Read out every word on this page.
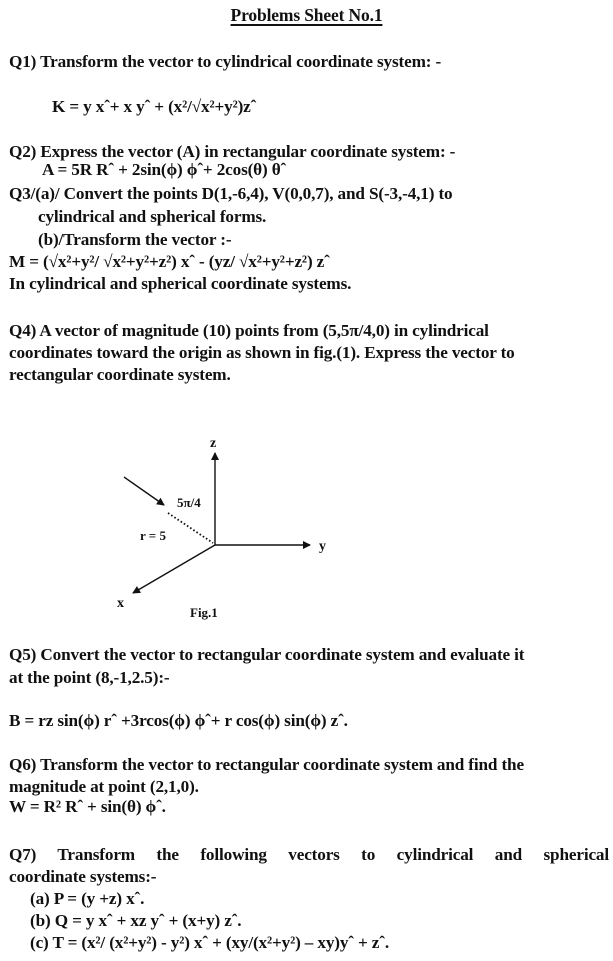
Problems Sheet No.1
Q1) Transform the vector to cylindrical coordinate system: -
K = y xˆ+ x yˆ + (x²/√x²+y²)zˆ
Q2) Express the vector (A) in rectangular coordinate system: -
A = 5R Rˆ + 2sin(ϕ) ϕˆ+ 2cos(θ) θˆ
Q3/(a)/ Convert the points D(1,-6,4), V(0,0,7), and S(-3,-4,1) to
cylindrical and spherical forms.
(b)/Transform the vector :-
M = (√x²+y²/ √x²+y²+z²) xˆ - (yz/ √x²+y²+z²) zˆ
In cylindrical and spherical coordinate systems.
Q4) A vector of magnitude (10) points from (5,5π/4,0) in cylindrical
coordinates toward the origin as shown in fig.(1). Express the vector to
rectangular coordinate system.
z
y
x
5π/4
r = 5
Fig.1
Q5) Convert the vector to rectangular coordinate system and evaluate it
at the point (8,-1,2.5):-
B = rz sin(ϕ) rˆ +3rcos(ϕ) ϕˆ+ r cos(ϕ) sin(ϕ) zˆ.
Q6) Transform the vector to rectangular coordinate system and find the
magnitude at point (2,1,0).
W = R² Rˆ + sin(θ) ϕˆ.
Q7) Transform the following vectors to cylindrical and spherical
coordinate systems:-
(a) P = (y +z) xˆ.
(b) Q = y xˆ + xz yˆ + (x+y) zˆ.
(c) T = (x²/ (x²+y²) - y²) xˆ + (xy/(x²+y²) – xy)yˆ + zˆ.
